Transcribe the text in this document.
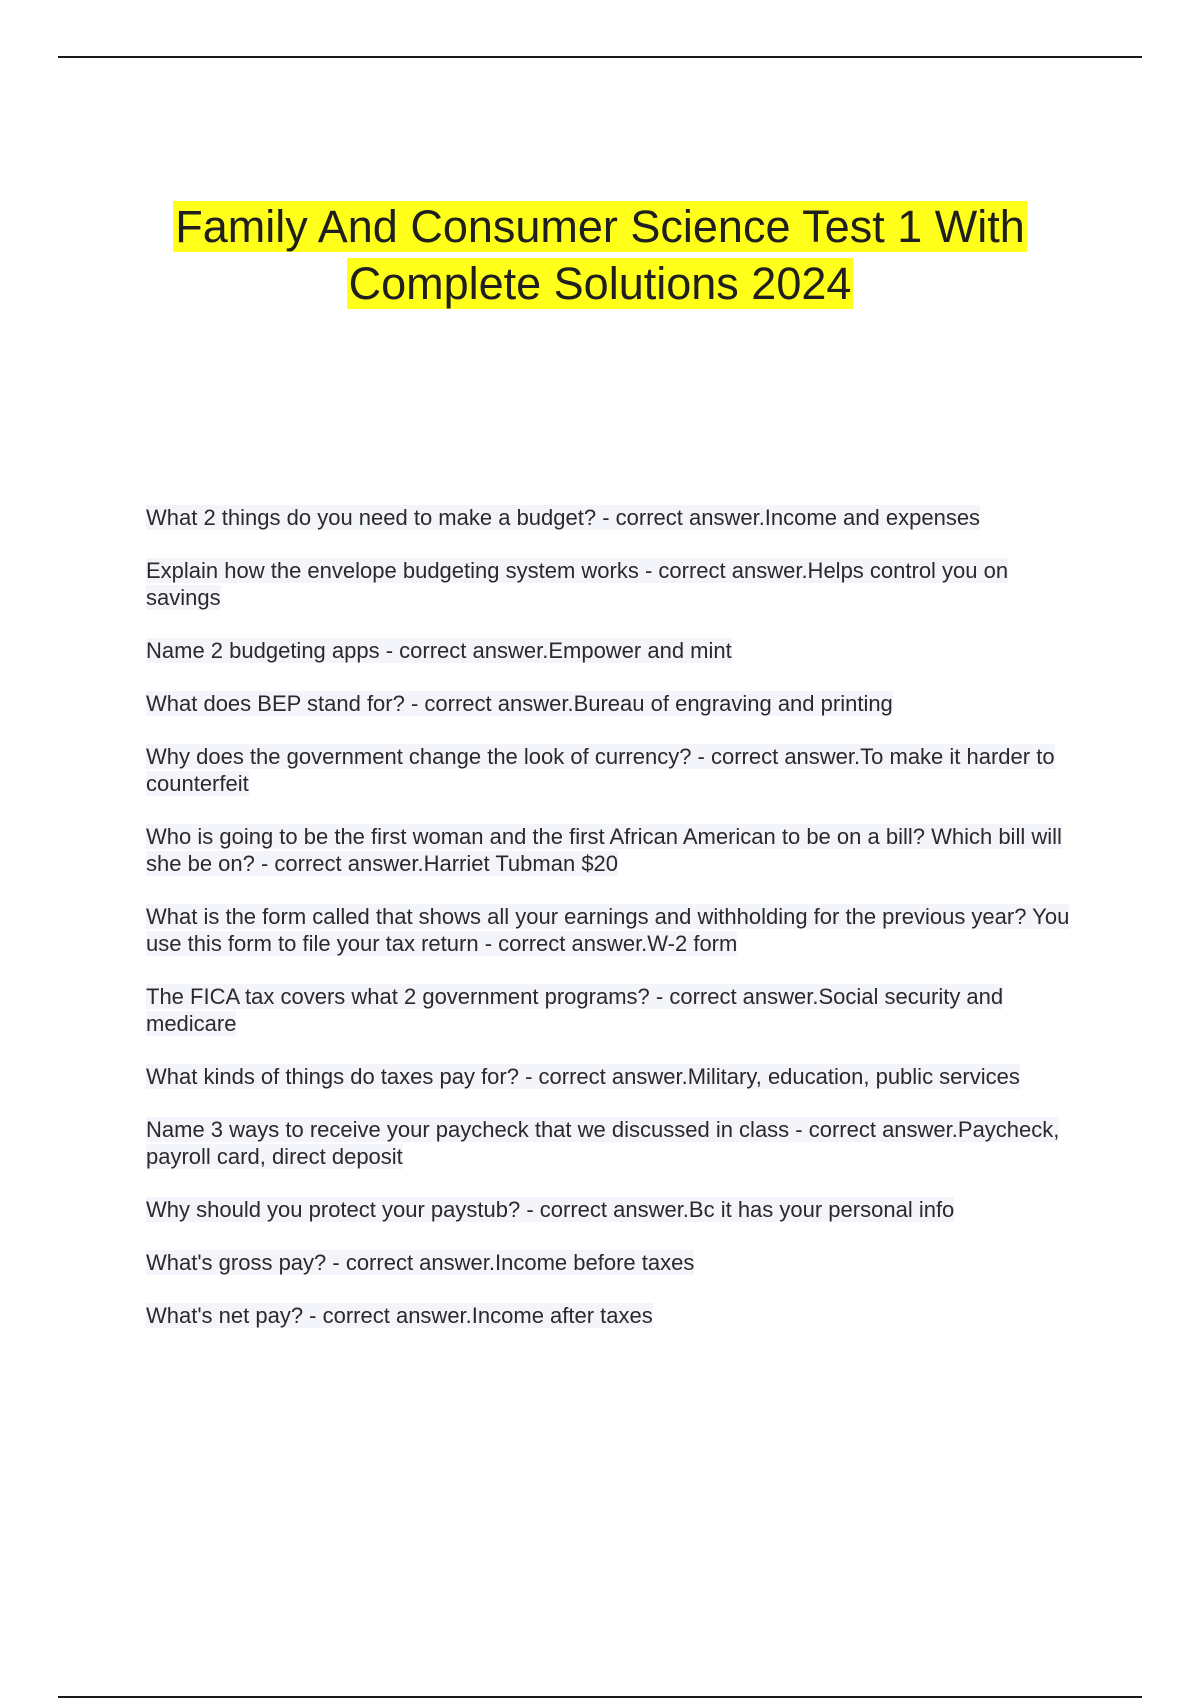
Family And Consumer Science Test 1 With Complete Solutions 2024

What 2 things do you need to make a budget? - correct answer.Income and expenses

Explain how the envelope budgeting system works - correct answer.Helps control you on savings

Name 2 budgeting apps - correct answer.Empower and mint

What does BEP stand for? - correct answer.Bureau of engraving and printing

Why does the government change the look of currency? - correct answer.To make it harder to counterfeit

Who is going to be the first woman and the first African American to be on a bill? Which bill will she be on? - correct answer.Harriet Tubman $20

What is the form called that shows all your earnings and withholding for the previous year? You use this form to file your tax return - correct answer.W-2 form

The FICA tax covers what 2 government programs? - correct answer.Social security and medicare

What kinds of things do taxes pay for? - correct answer.Military, education, public services

Name 3 ways to receive your paycheck that we discussed in class - correct answer.Paycheck, payroll card, direct deposit

Why should you protect your paystub? - correct answer.Bc it has your personal info

What's gross pay? - correct answer.Income before taxes

What's net pay? - correct answer.Income after taxes
